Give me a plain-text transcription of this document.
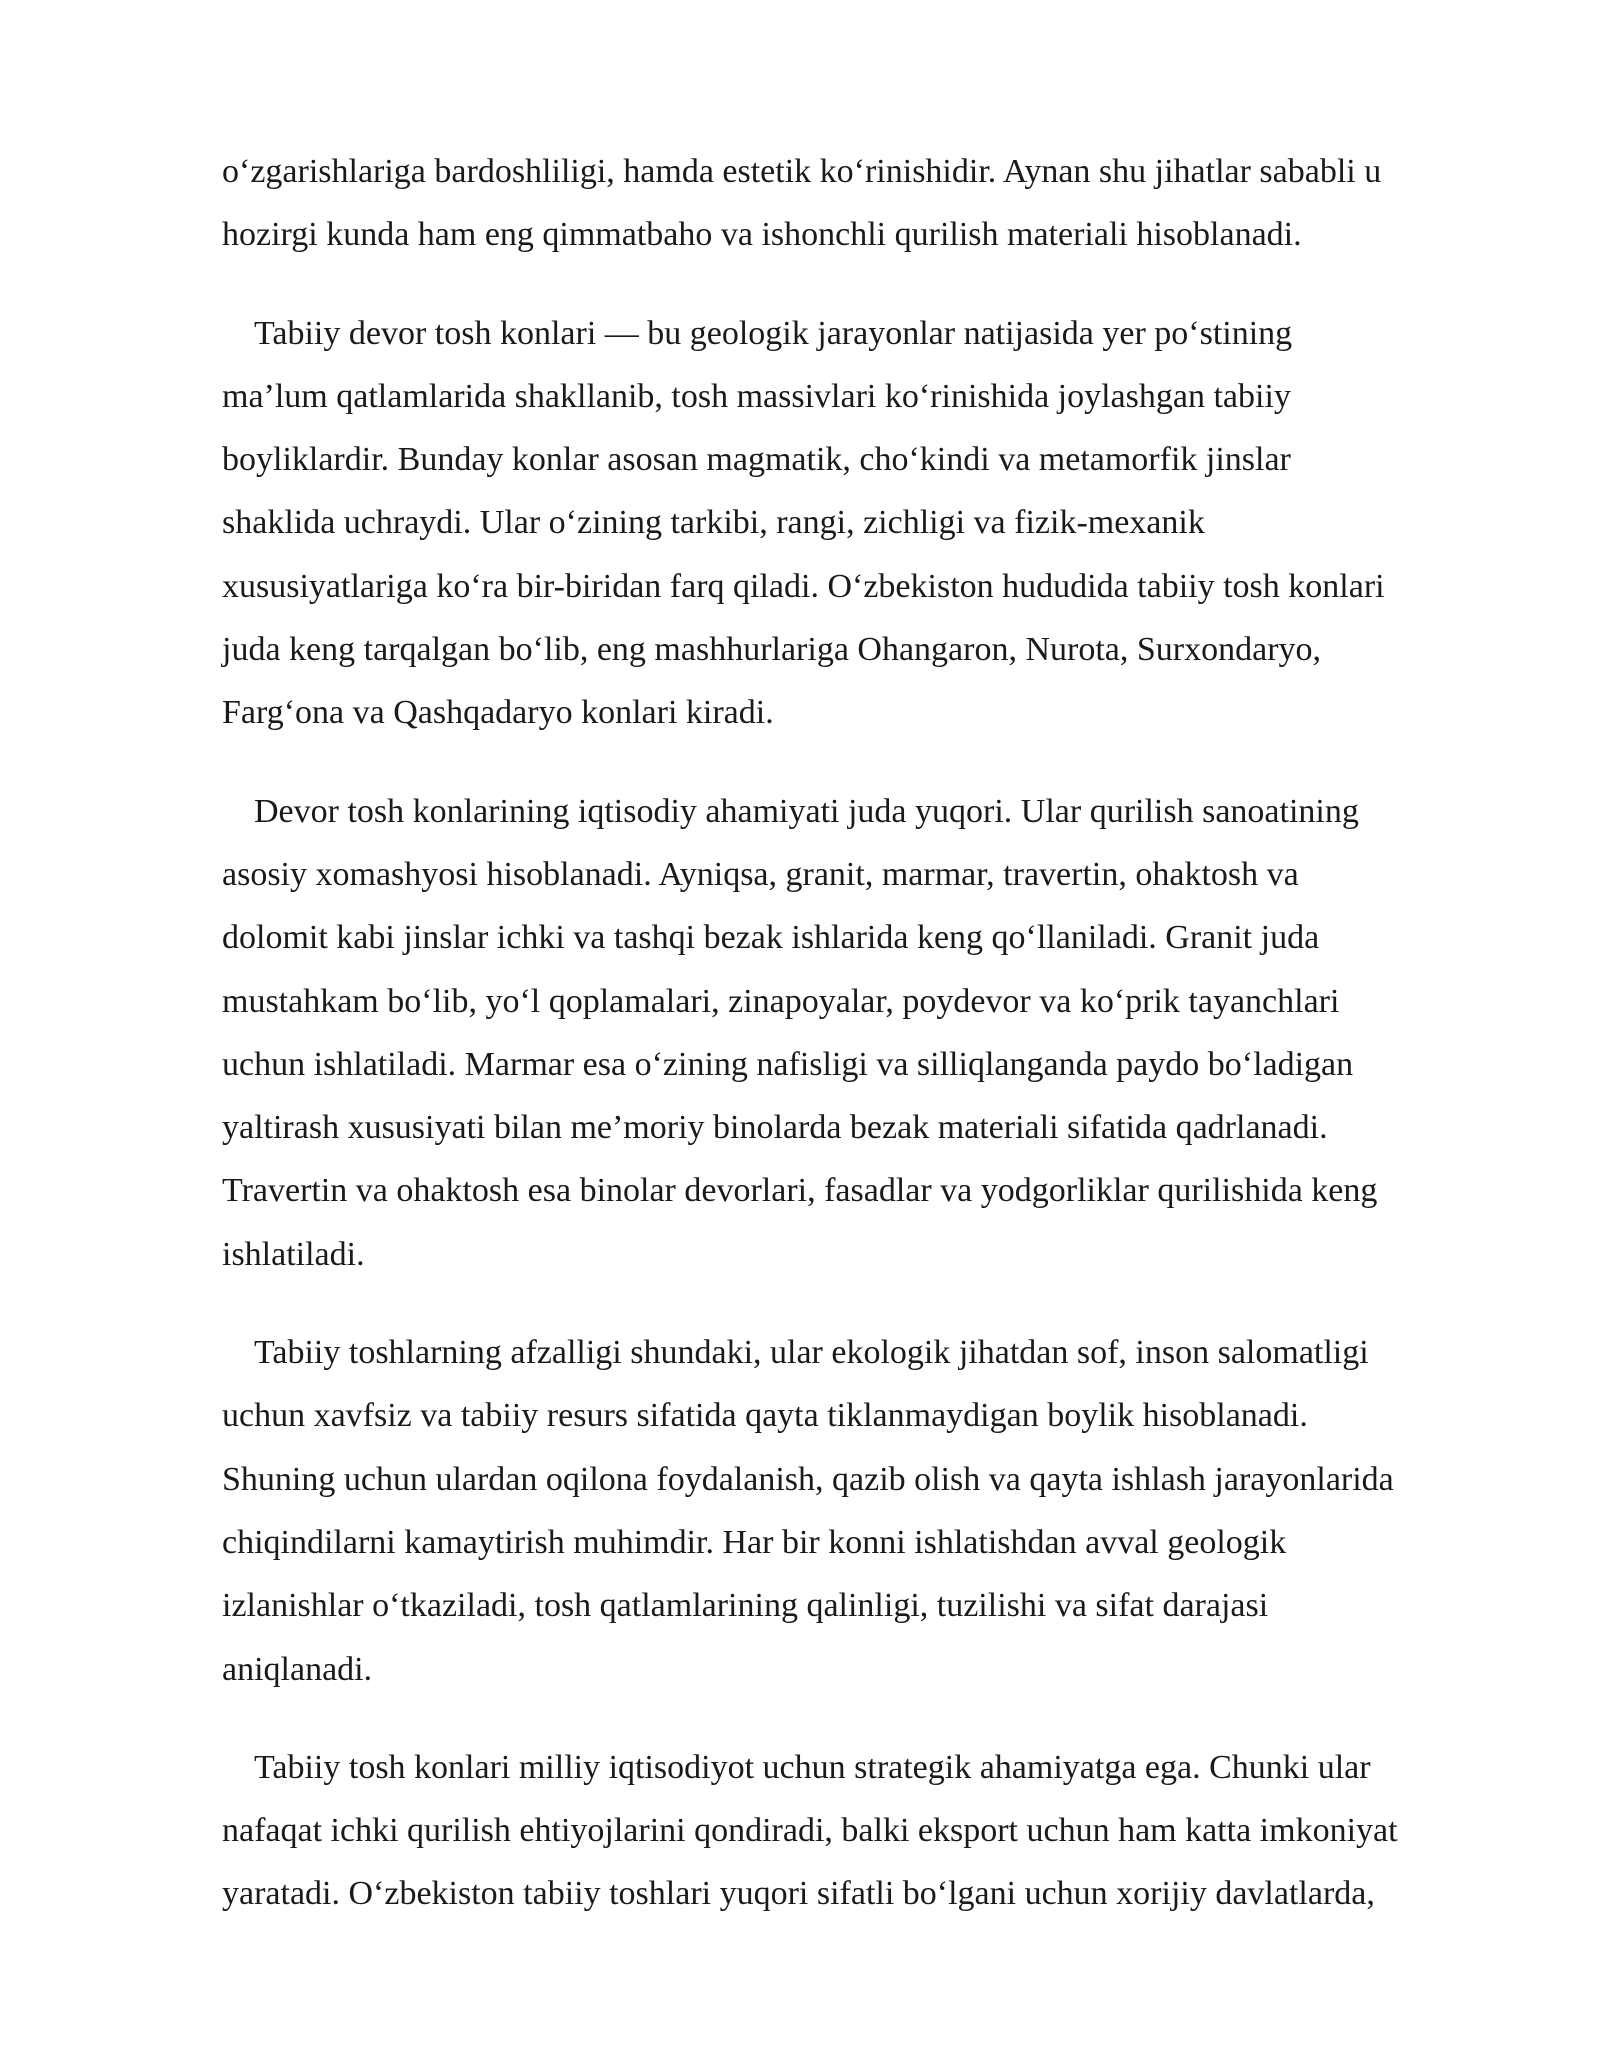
o‘zgarishlariga bardoshliligi, hamda estetik ko‘rinishidir. Aynan shu jihatlar sababli u
hozirgi kunda ham eng qimmatbaho va ishonchli qurilish materiali hisoblanadi.
Tabiiy devor tosh konlari — bu geologik jarayonlar natijasida yer po‘stining
ma’lum qatlamlarida shakllanib, tosh massivlari ko‘rinishida joylashgan tabiiy
boyliklardir. Bunday konlar asosan magmatik, cho‘kindi va metamorfik jinslar
shaklida uchraydi. Ular o‘zining tarkibi, rangi, zichligi va fizik-mexanik
xususiyatlariga ko‘ra bir-biridan farq qiladi. O‘zbekiston hududida tabiiy tosh konlari
juda keng tarqalgan bo‘lib, eng mashhurlariga Ohangaron, Nurota, Surxondaryo,
Farg‘ona va Qashqadaryo konlari kiradi.
Devor tosh konlarining iqtisodiy ahamiyati juda yuqori. Ular qurilish sanoatining
asosiy xomashyosi hisoblanadi. Ayniqsa, granit, marmar, travertin, ohaktosh va
dolomit kabi jinslar ichki va tashqi bezak ishlarida keng qo‘llaniladi. Granit juda
mustahkam bo‘lib, yo‘l qoplamalari, zinapoyalar, poydevor va ko‘prik tayanchlari
uchun ishlatiladi. Marmar esa o‘zining nafisligi va silliqlanganda paydo bo‘ladigan
yaltirash xususiyati bilan me’moriy binolarda bezak materiali sifatida qadrlanadi.
Travertin va ohaktosh esa binolar devorlari, fasadlar va yodgorliklar qurilishida keng
ishlatiladi.
Tabiiy toshlarning afzalligi shundaki, ular ekologik jihatdan sof, inson salomatligi
uchun xavfsiz va tabiiy resurs sifatida qayta tiklanmaydigan boylik hisoblanadi.
Shuning uchun ulardan oqilona foydalanish, qazib olish va qayta ishlash jarayonlarida
chiqindilarni kamaytirish muhimdir. Har bir konni ishlatishdan avval geologik
izlanishlar o‘tkaziladi, tosh qatlamlarining qalinligi, tuzilishi va sifat darajasi
aniqlanadi.
Tabiiy tosh konlari milliy iqtisodiyot uchun strategik ahamiyatga ega. Chunki ular
nafaqat ichki qurilish ehtiyojlarini qondiradi, balki eksport uchun ham katta imkoniyat
yaratadi. O‘zbekiston tabiiy toshlari yuqori sifatli bo‘lgani uchun xorijiy davlatlarda,
